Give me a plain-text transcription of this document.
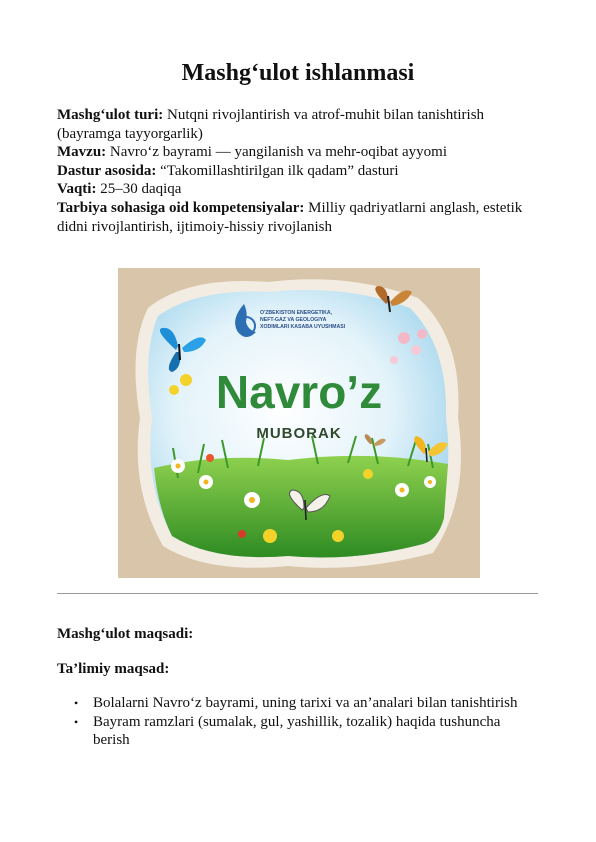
Mashg‘ulot ishlanmasi

Mashg‘ulot turi: Nutqni rivojlantirish va atrof-muhit bilan tanishtirish (bayramga tayyorgarlik)

Mavzu: Navro‘z bayrami — yangilanish va mehr-oqibat ayyomi

Dastur asosida: “Takomillashtirilgan ilk qadam” dasturi

Vaqti: 25–30 daqiqa

Tarbiya sohasiga oid kompetensiyalar: Milliy qadriyatlarni anglash, estetik didni rivojlantirish, ijtimoiy-hissiy rivojlanish

O'ZBEKISTON ENERGETIKA,
NEFT-GAZ VA GEOLOGIYA
XODIMLARI KASABA UYUSHMASI
Navro’z
MUBORAK
Mashg‘ulot maqsadi:
Ta’limiy maqsad:
• Bolalarni Navro‘z bayrami, uning tarixi va an’analari bilan tanishtirish
• Bayram ramzlari (sumalak, gul, yashillik, tozalik) haqida tushuncha berish
